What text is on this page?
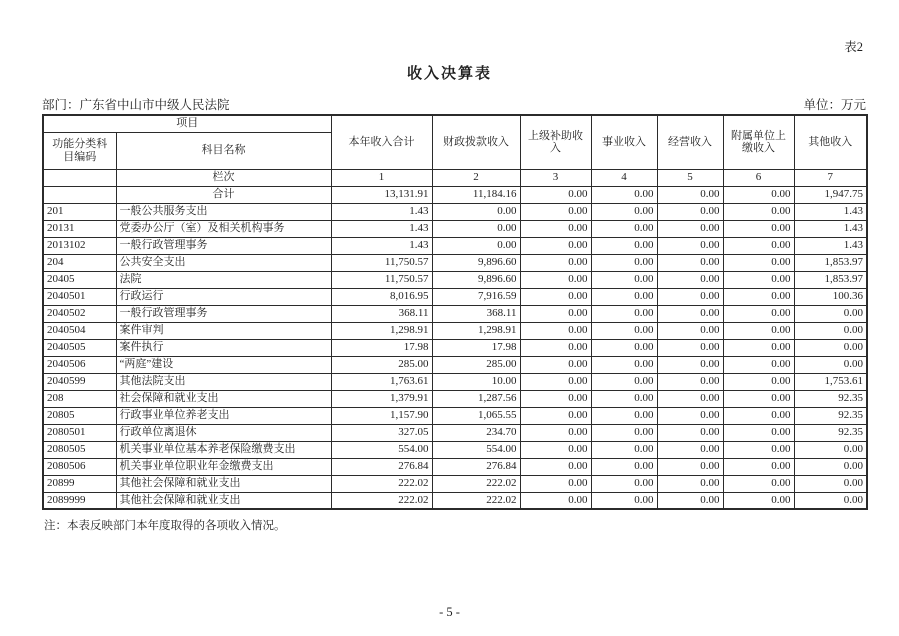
表2
收入决算表
部门：广东省中山市中级人民法院	单位：万元
项目		本年收入合计	财政拨款收入	上级补助收入	事业收入	经营收入	附属单位上缴收入	其他收入
功能分类科目编码	科目名称							
	栏次	1	2	3	4	5	6	7
	合计	13,131.91	11,184.16	0.00	0.00	0.00	0.00	1,947.75
201	一般公共服务支出	1.43	0.00	0.00	0.00	0.00	0.00	1.43
20131	党委办公厅（室）及相关机构事务	1.43	0.00	0.00	0.00	0.00	0.00	1.43
2013102	一般行政管理事务	1.43	0.00	0.00	0.00	0.00	0.00	1.43
204	公共安全支出	11,750.57	9,896.60	0.00	0.00	0.00	0.00	1,853.97
20405	法院	11,750.57	9,896.60	0.00	0.00	0.00	0.00	1,853.97
2040501	行政运行	8,016.95	7,916.59	0.00	0.00	0.00	0.00	100.36
2040502	一般行政管理事务	368.11	368.11	0.00	0.00	0.00	0.00	0.00
2040504	案件审判	1,298.91	1,298.91	0.00	0.00	0.00	0.00	0.00
2040505	案件执行	17.98	17.98	0.00	0.00	0.00	0.00	0.00
2040506	“两庭”建设	285.00	285.00	0.00	0.00	0.00	0.00	0.00
2040599	其他法院支出	1,763.61	10.00	0.00	0.00	0.00	0.00	1,753.61
208	社会保障和就业支出	1,379.91	1,287.56	0.00	0.00	0.00	0.00	92.35
20805	行政事业单位养老支出	1,157.90	1,065.55	0.00	0.00	0.00	0.00	92.35
2080501	行政单位离退休	327.05	234.70	0.00	0.00	0.00	0.00	92.35
2080505	机关事业单位基本养老保险缴费支出	554.00	554.00	0.00	0.00	0.00	0.00	0.00
2080506	机关事业单位职业年金缴费支出	276.84	276.84	0.00	0.00	0.00	0.00	0.00
20899	其他社会保障和就业支出	222.02	222.02	0.00	0.00	0.00	0.00	0.00
2089999	其他社会保障和就业支出	222.02	222.02	0.00	0.00	0.00	0.00	0.00
注：本表反映部门本年度取得的各项收入情况。
- 5 -
